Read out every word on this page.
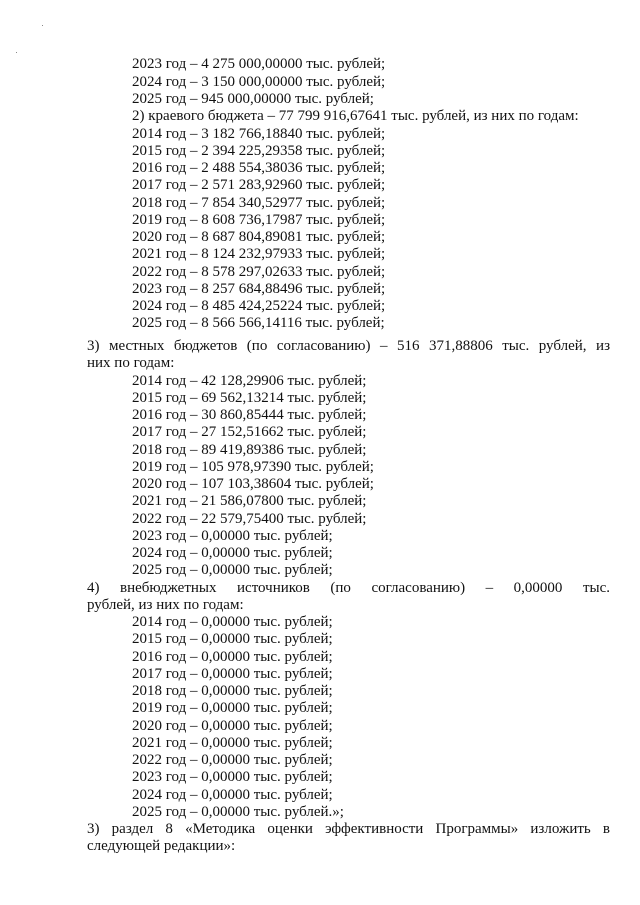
2023 год – 4 275 000,00000 тыс. рублей;
2024 год – 3 150 000,00000 тыс. рублей;
2025 год – 945 000,00000 тыс. рублей;
2) краевого бюджета – 77 799 916,67641 тыс. рублей, из них по годам:
2014 год – 3 182 766,18840 тыс. рублей;
2015 год – 2 394 225,29358 тыс. рублей;
2016 год – 2 488 554,38036 тыс. рублей;
2017 год – 2 571 283,92960 тыс. рублей;
2018 год – 7 854 340,52977 тыс. рублей;
2019 год – 8 608 736,17987 тыс. рублей;
2020 год – 8 687 804,89081 тыс. рублей;
2021 год – 8 124 232,97933 тыс. рублей;
2022 год – 8 578 297,02633 тыс. рублей;
2023 год – 8 257 684,88496 тыс. рублей;
2024 год – 8 485 424,25224 тыс. рублей;
2025 год – 8 566 566,14116 тыс. рублей;
3) местных бюджетов (по согласованию) – 516 371,88806 тыс. рублей, из
них по годам:
2014 год – 42 128,29906 тыс. рублей;
2015 год – 69 562,13214 тыс. рублей;
2016 год – 30 860,85444 тыс. рублей;
2017 год – 27 152,51662 тыс. рублей;
2018 год – 89 419,89386 тыс. рублей;
2019 год – 105 978,97390 тыс. рублей;
2020 год – 107 103,38604 тыс. рублей;
2021 год – 21 586,07800 тыс. рублей;
2022 год – 22 579,75400 тыс. рублей;
2023 год – 0,00000 тыс. рублей;
2024 год – 0,00000 тыс. рублей;
2025 год – 0,00000 тыс. рублей;
4) внебюджетных источников (по согласованию) – 0,00000 тыс.
рублей, из них по годам:
2014 год – 0,00000 тыс. рублей;
2015 год – 0,00000 тыс. рублей;
2016 год – 0,00000 тыс. рублей;
2017 год – 0,00000 тыс. рублей;
2018 год – 0,00000 тыс. рублей;
2019 год – 0,00000 тыс. рублей;
2020 год – 0,00000 тыс. рублей;
2021 год – 0,00000 тыс. рублей;
2022 год – 0,00000 тыс. рублей;
2023 год – 0,00000 тыс. рублей;
2024 год – 0,00000 тыс. рублей;
2025 год – 0,00000 тыс. рублей.»;
3) раздел 8 «Методика оценки эффективности Программы» изложить в
следующей редакции»:
